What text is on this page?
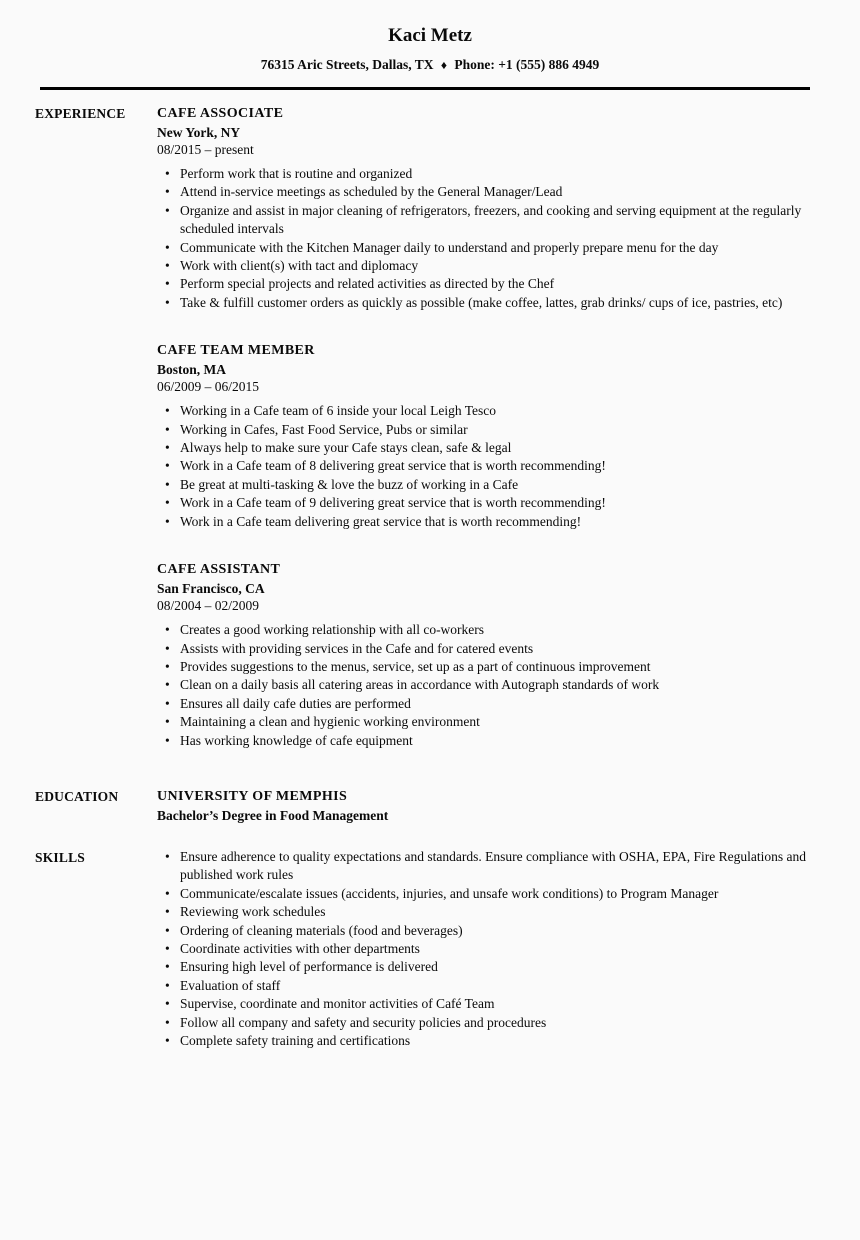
Kaci Metz
76315 Aric Streets, Dallas, TX ♦ Phone: +1 (555) 886 4949
EXPERIENCE	CAFE ASSOCIATE
New York, NY
08/2015 – present
• Perform work that is routine and organized
• Attend in-service meetings as scheduled by the General Manager/Lead
• Organize and assist in major cleaning of refrigerators, freezers, and cooking and serving equipment at the regularly scheduled intervals
• Communicate with the Kitchen Manager daily to understand and properly prepare menu for the day
• Work with client(s) with tact and diplomacy
• Perform special projects and related activities as directed by the Chef
• Take & fulfill customer orders as quickly as possible (make coffee, lattes, grab drinks/ cups of ice, pastries, etc)
CAFE TEAM MEMBER
Boston, MA
06/2009 – 06/2015
• Working in a Cafe team of 6 inside your local Leigh Tesco
• Working in Cafes, Fast Food Service, Pubs or similar
• Always help to make sure your Cafe stays clean, safe & legal
• Work in a Cafe team of 8 delivering great service that is worth recommending!
• Be great at multi-tasking & love the buzz of working in a Cafe
• Work in a Cafe team of 9 delivering great service that is worth recommending!
• Work in a Cafe team delivering great service that is worth recommending!
CAFE ASSISTANT
San Francisco, CA
08/2004 – 02/2009
• Creates a good working relationship with all co-workers
• Assists with providing services in the Cafe and for catered events
• Provides suggestions to the menus, service, set up as a part of continuous improvement
• Clean on a daily basis all catering areas in accordance with Autograph standards of work
• Ensures all daily cafe duties are performed
• Maintaining a clean and hygienic working environment
• Has working knowledge of cafe equipment
EDUCATION	UNIVERSITY OF MEMPHIS
Bachelor’s Degree in Food Management
SKILLS	• Ensure adherence to quality expectations and standards. Ensure compliance with OSHA, EPA, Fire Regulations and published work rules
• Communicate/escalate issues (accidents, injuries, and unsafe work conditions) to Program Manager
• Reviewing work schedules
• Ordering of cleaning materials (food and beverages)
• Coordinate activities with other departments
• Ensuring high level of performance is delivered
• Evaluation of staff
• Supervise, coordinate and monitor activities of Café Team
• Follow all company and safety and security policies and procedures
• Complete safety training and certifications
